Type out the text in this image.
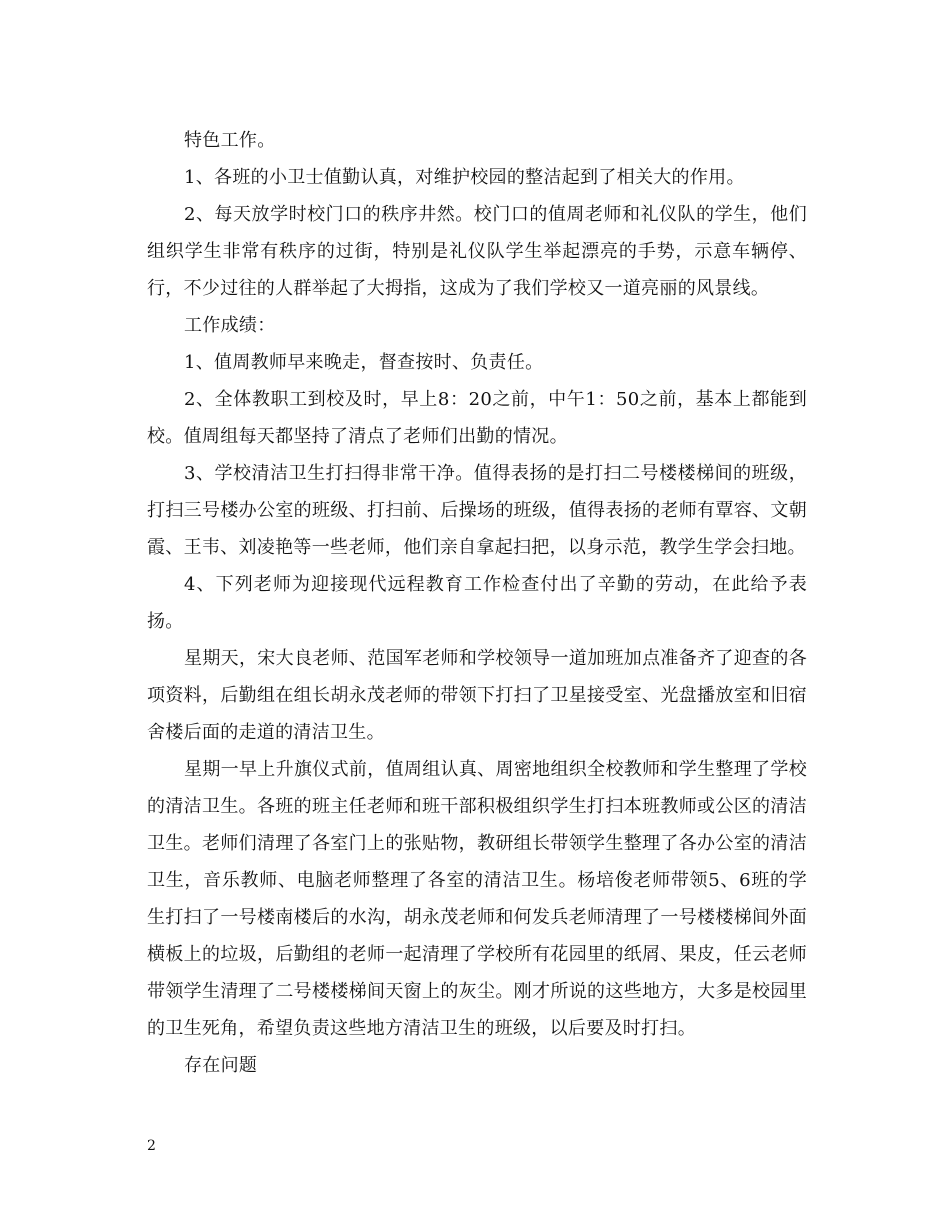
特色工作。

1、各班的小卫士值勤认真，对维护校园的整洁起到了相关大的作用。

2、每天放学时校门口的秩序井然。校门口的值周老师和礼仪队的学生，他们组织学生非常有秩序的过街，特别是礼仪队学生举起漂亮的手势，示意车辆停、行，不少过往的人群举起了大拇指，这成为了我们学校又一道亮丽的风景线。

工作成绩：

1、值周教师早来晚走，督查按时、负责任。

2、全体教职工到校及时，早上8：20之前，中午1：50之前，基本上都能到校。值周组每天都坚持了清点了老师们出勤的情况。

3、学校清洁卫生打扫得非常干净。值得表扬的是打扫二号楼楼梯间的班级，打扫三号楼办公室的班级、打扫前、后操场的班级，值得表扬的老师有覃容、文朝霞、王韦、刘凌艳等一些老师，他们亲自拿起扫把，以身示范，教学生学会扫地。

4、下列老师为迎接现代远程教育工作检查付出了辛勤的劳动，在此给予表扬。

星期天，宋大良老师、范国军老师和学校领导一道加班加点准备齐了迎查的各项资料，后勤组在组长胡永茂老师的带领下打扫了卫星接受室、光盘播放室和旧宿舍楼后面的走道的清洁卫生。

星期一早上升旗仪式前，值周组认真、周密地组织全校教师和学生整理了学校的清洁卫生。各班的班主任老师和班干部积极组织学生打扫本班教师或公区的清洁卫生。老师们清理了各室门上的张贴物，教研组长带领学生整理了各办公室的清洁卫生，音乐教师、电脑老师整理了各室的清洁卫生。杨培俊老师带领5、6班的学生打扫了一号楼南楼后的水沟，胡永茂老师和何发兵老师清理了一号楼楼梯间外面横板上的垃圾，后勤组的老师一起清理了学校所有花园里的纸屑、果皮，任云老师带领学生清理了二号楼楼梯间天窗上的灰尘。刚才所说的这些地方，大多是校园里的卫生死角，希望负责这些地方清洁卫生的班级，以后要及时打扫。

存在问题

2
